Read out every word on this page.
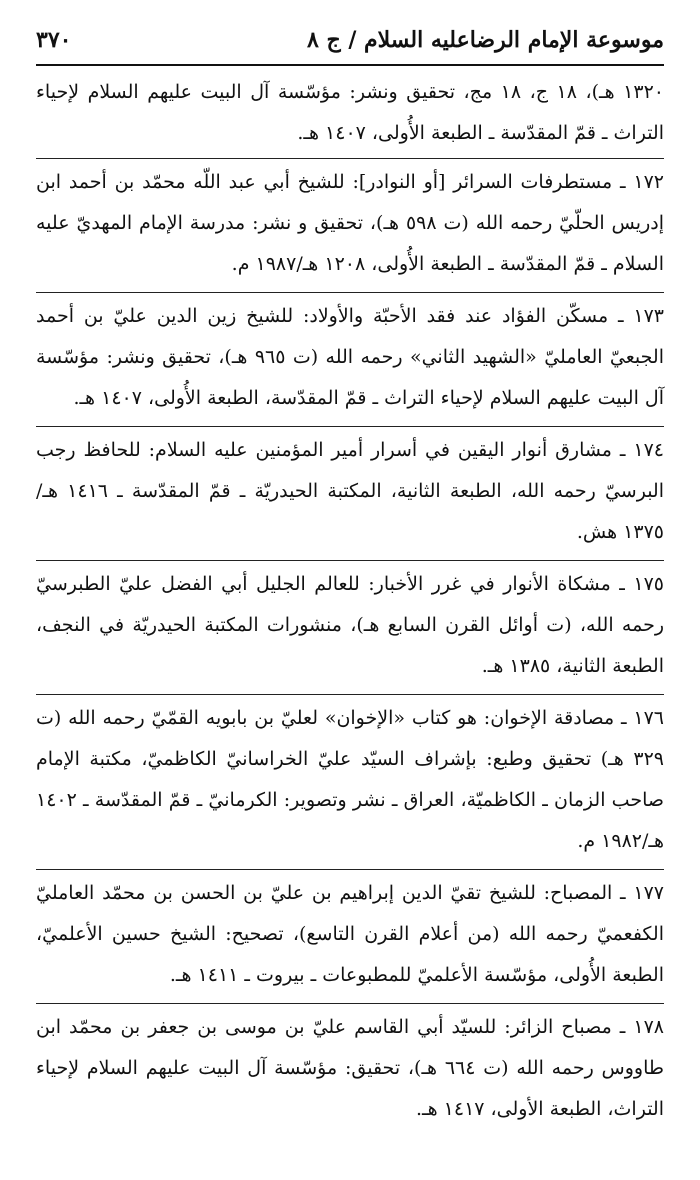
موسوعة الإمام الرضاعليه السلام / ج ٨
٣٧٠

١٣٢٠ هـ)، ١٨ ج، ١٨ مج، تحقيق ونشر: مؤسّسة آل البيت عليهم السلام لإحياء التراث ـ قمّ المقدّسة ـ الطبعة الأُولى، ١٤٠٧ هـ.

١٧٢ ـ مستطرفات السرائر [أو النوادر]: للشيخ أبي عبد اللّه محمّد بن أحمد ابن إدريس الحلّيّ رحمه الله (ت ٥٩٨ هـ)، تحقيق و نشر: مدرسة الإمام المهديّ عليه السلام ـ قمّ المقدّسة ـ الطبعة الأُولى، ١٢٠٨ هـ/١٩٨٧ م.

١٧٣ ـ مسكّن الفؤاد عند فقد الأحبّة والأولاد: للشيخ زين الدين عليّ بن أحمد الجبعيّ العامليّ «الشهيد الثاني» رحمه الله (ت ٩٦٥ هـ)، تحقيق ونشر: مؤسّسة آل البيت عليهم السلام لإحياء التراث ـ قمّ المقدّسة، الطبعة الأُولى، ١٤٠٧ هـ.

١٧٤ ـ مشارق أنوار اليقين في أسرار أمير المؤمنين عليه السلام: للحافظ رجب البرسيّ رحمه الله، الطبعة الثانية، المكتبة الحيدريّة ـ قمّ المقدّسة ـ ١٤١٦ هـ/ ١٣٧٥ هش.

١٧٥ ـ مشكاة الأنوار في غرر الأخبار: للعالم الجليل أبي الفضل عليّ الطبرسيّ رحمه الله، (ت أوائل القرن السابع هـ)، منشورات المكتبة الحيدريّة في النجف، الطبعة الثانية، ١٣٨٥ هـ.

١٧٦ ـ مصادقة الإخوان: هو كتاب «الإخوان» لعليّ بن بابويه القمّيّ رحمه الله (ت ٣٢٩ هـ) تحقيق وطبع: بإشراف السيّد عليّ الخراسانيّ الكاظميّ، مكتبة الإمام صاحب الزمان ـ الكاظميّة، العراق ـ نشر وتصوير: الكرمانيّ ـ قمّ المقدّسة ـ ١٤٠٢ هـ/١٩٨٢ م.

١٧٧ ـ المصباح: للشيخ تقيّ الدين إبراهيم بن عليّ بن الحسن بن محمّد العامليّ الكفعميّ رحمه الله (من أعلام القرن التاسع)، تصحيح: الشيخ حسين الأعلميّ، الطبعة الأُولى، مؤسّسة الأعلميّ للمطبوعات ـ بيروت ـ ١٤١١ هـ.

١٧٨ ـ مصباح الزائر: للسيّد أبي القاسم عليّ بن موسى بن جعفر بن محمّد ابن طاووس رحمه الله (ت ٦٦٤ هـ)، تحقيق: مؤسّسة آل البيت عليهم السلام لإحياء التراث، الطبعة الأولى، ١٤١٧ هـ.
